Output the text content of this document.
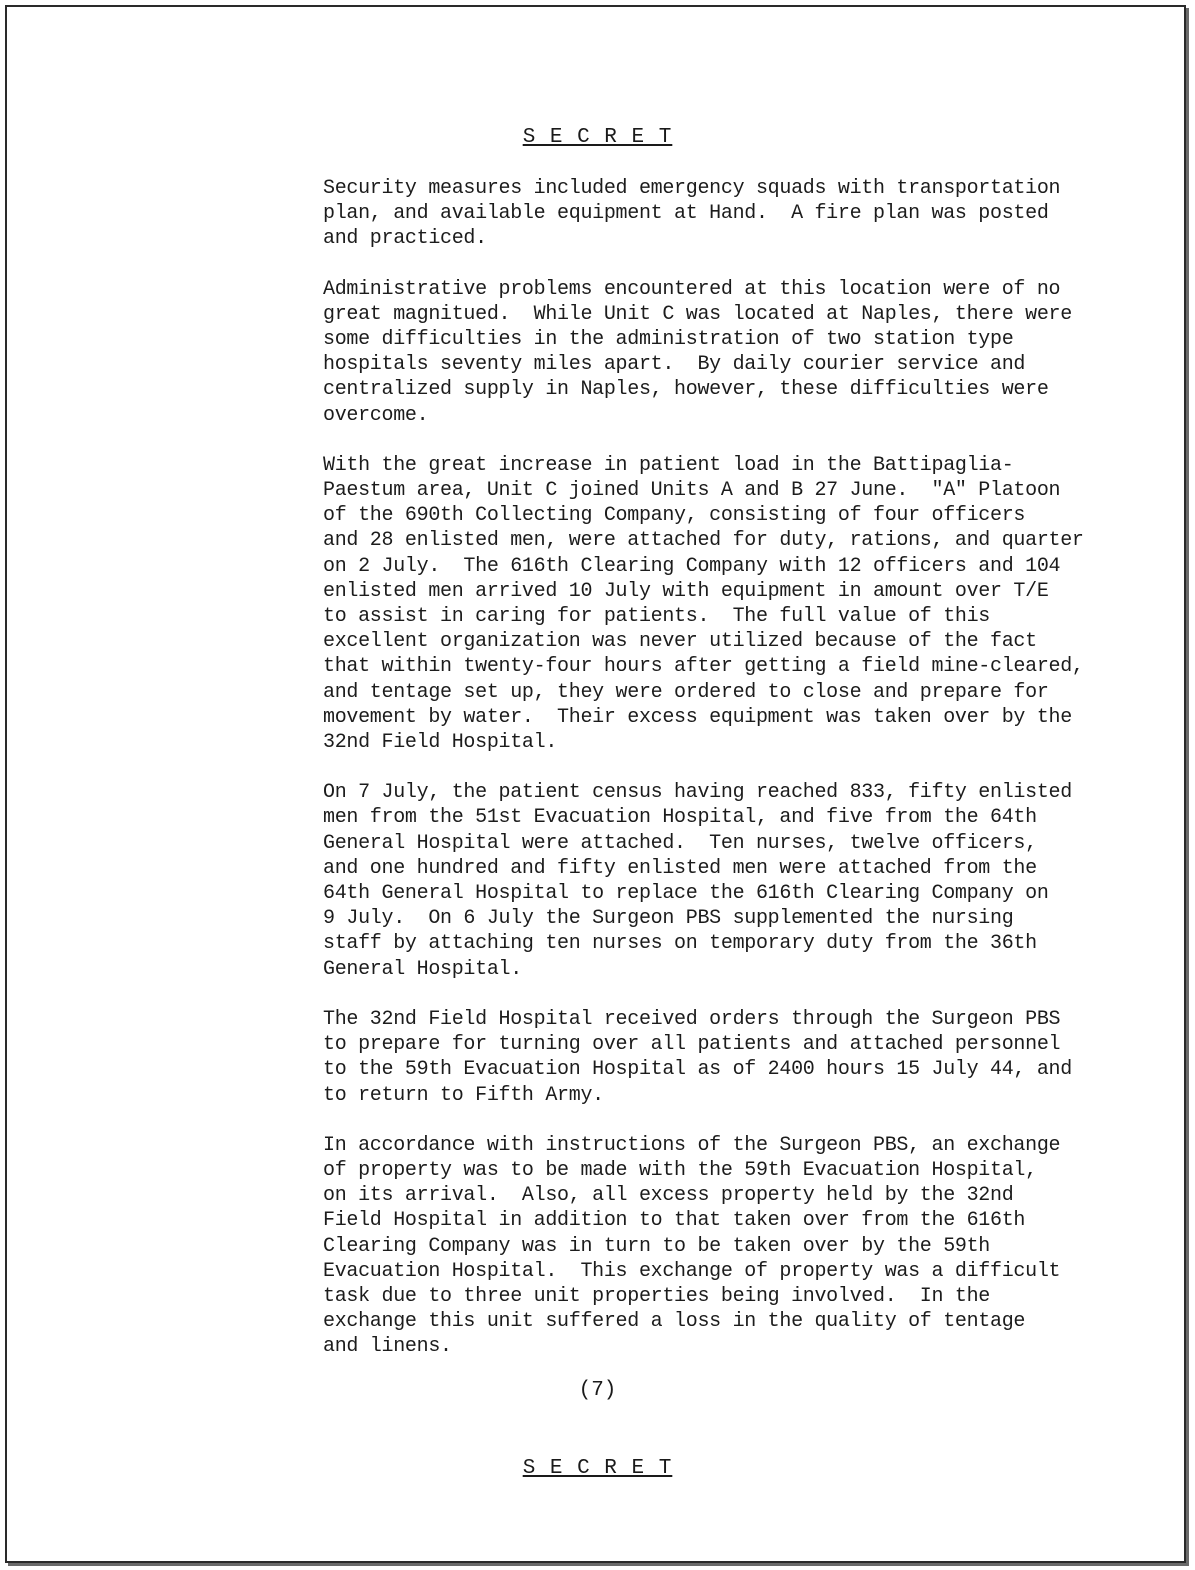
S E C R E T
Security measures included emergency squads with transportation
plan, and available equipment at Hand.  A fire plan was posted
and practiced.
Administrative problems encountered at this location were of no
great magnitued.  While Unit C was located at Naples, there were
some difficulties in the administration of two station type
hospitals seventy miles apart.  By daily courier service and
centralized supply in Naples, however, these difficulties were
overcome.
With the great increase in patient load in the Battipaglia-
Paestum area, Unit C joined Units A and B 27 June.  "A" Platoon
of the 690th Collecting Company, consisting of four officers
and 28 enlisted men, were attached for duty, rations, and quarter
on 2 July.  The 616th Clearing Company with 12 officers and 104
enlisted men arrived 10 July with equipment in amount over T/E
to assist in caring for patients.  The full value of this
excellent organization was never utilized because of the fact
that within twenty-four hours after getting a field mine-cleared,
and tentage set up, they were ordered to close and prepare for
movement by water.  Their excess equipment was taken over by the
32nd Field Hospital.
On 7 July, the patient census having reached 833, fifty enlisted
men from the 51st Evacuation Hospital, and five from the 64th
General Hospital were attached.  Ten nurses, twelve officers,
and one hundred and fifty enlisted men were attached from the
64th General Hospital to replace the 616th Clearing Company on
9 July.  On 6 July the Surgeon PBS supplemented the nursing
staff by attaching ten nurses on temporary duty from the 36th
General Hospital.
The 32nd Field Hospital received orders through the Surgeon PBS
to prepare for turning over all patients and attached personnel
to the 59th Evacuation Hospital as of 2400 hours 15 July 44, and
to return to Fifth Army.
In accordance with instructions of the Surgeon PBS, an exchange
of property was to be made with the 59th Evacuation Hospital,
on its arrival.  Also, all excess property held by the 32nd
Field Hospital in addition to that taken over from the 616th
Clearing Company was in turn to be taken over by the 59th
Evacuation Hospital.  This exchange of property was a difficult
task due to three unit properties being involved.  In the
exchange this unit suffered a loss in the quality of tentage
and linens.
(7)
S E C R E T
